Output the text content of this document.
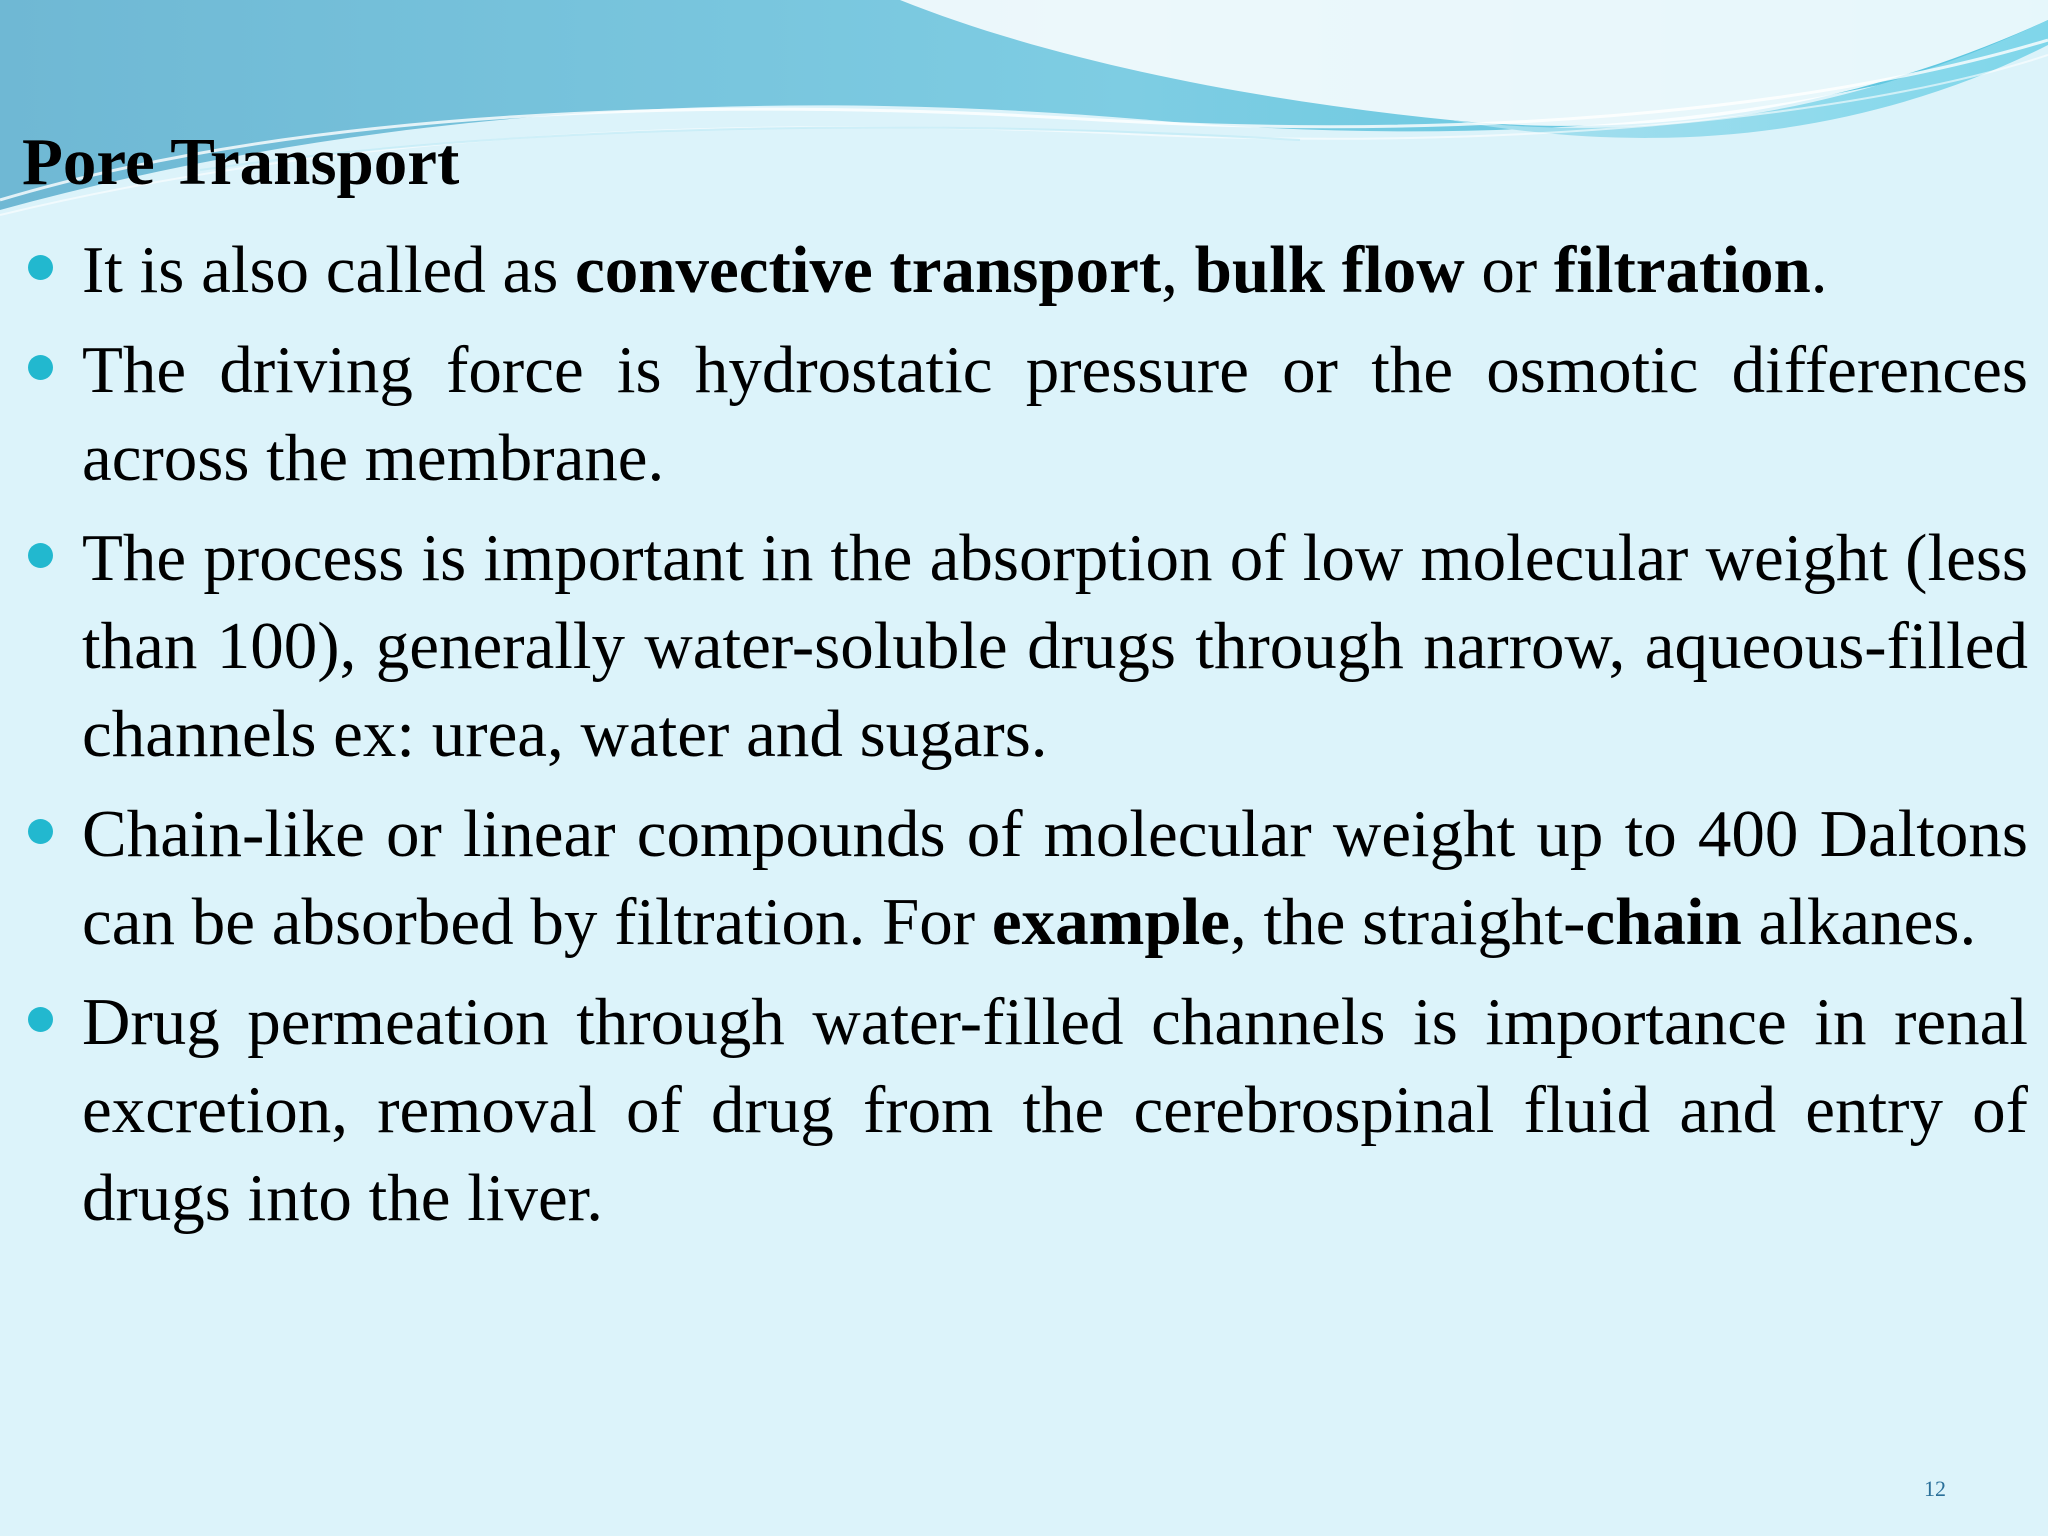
Pore Transport
It is also called as convective transport, bulk flow or filtration.
The driving force is hydrostatic pressure or the osmotic differences across the membrane.
The process is important in the absorption of low molecular weight (less than 100), generally water-soluble drugs through narrow, aqueous-filled channels ex: urea, water and sugars.
Chain-like or linear compounds of molecular weight up to 400 Daltons can be absorbed by filtration. For example, the straight-chain alkanes.
Drug permeation through water-filled channels is importance in renal excretion, removal of drug from the cerebrospinal fluid and entry of drugs into the liver.
12
